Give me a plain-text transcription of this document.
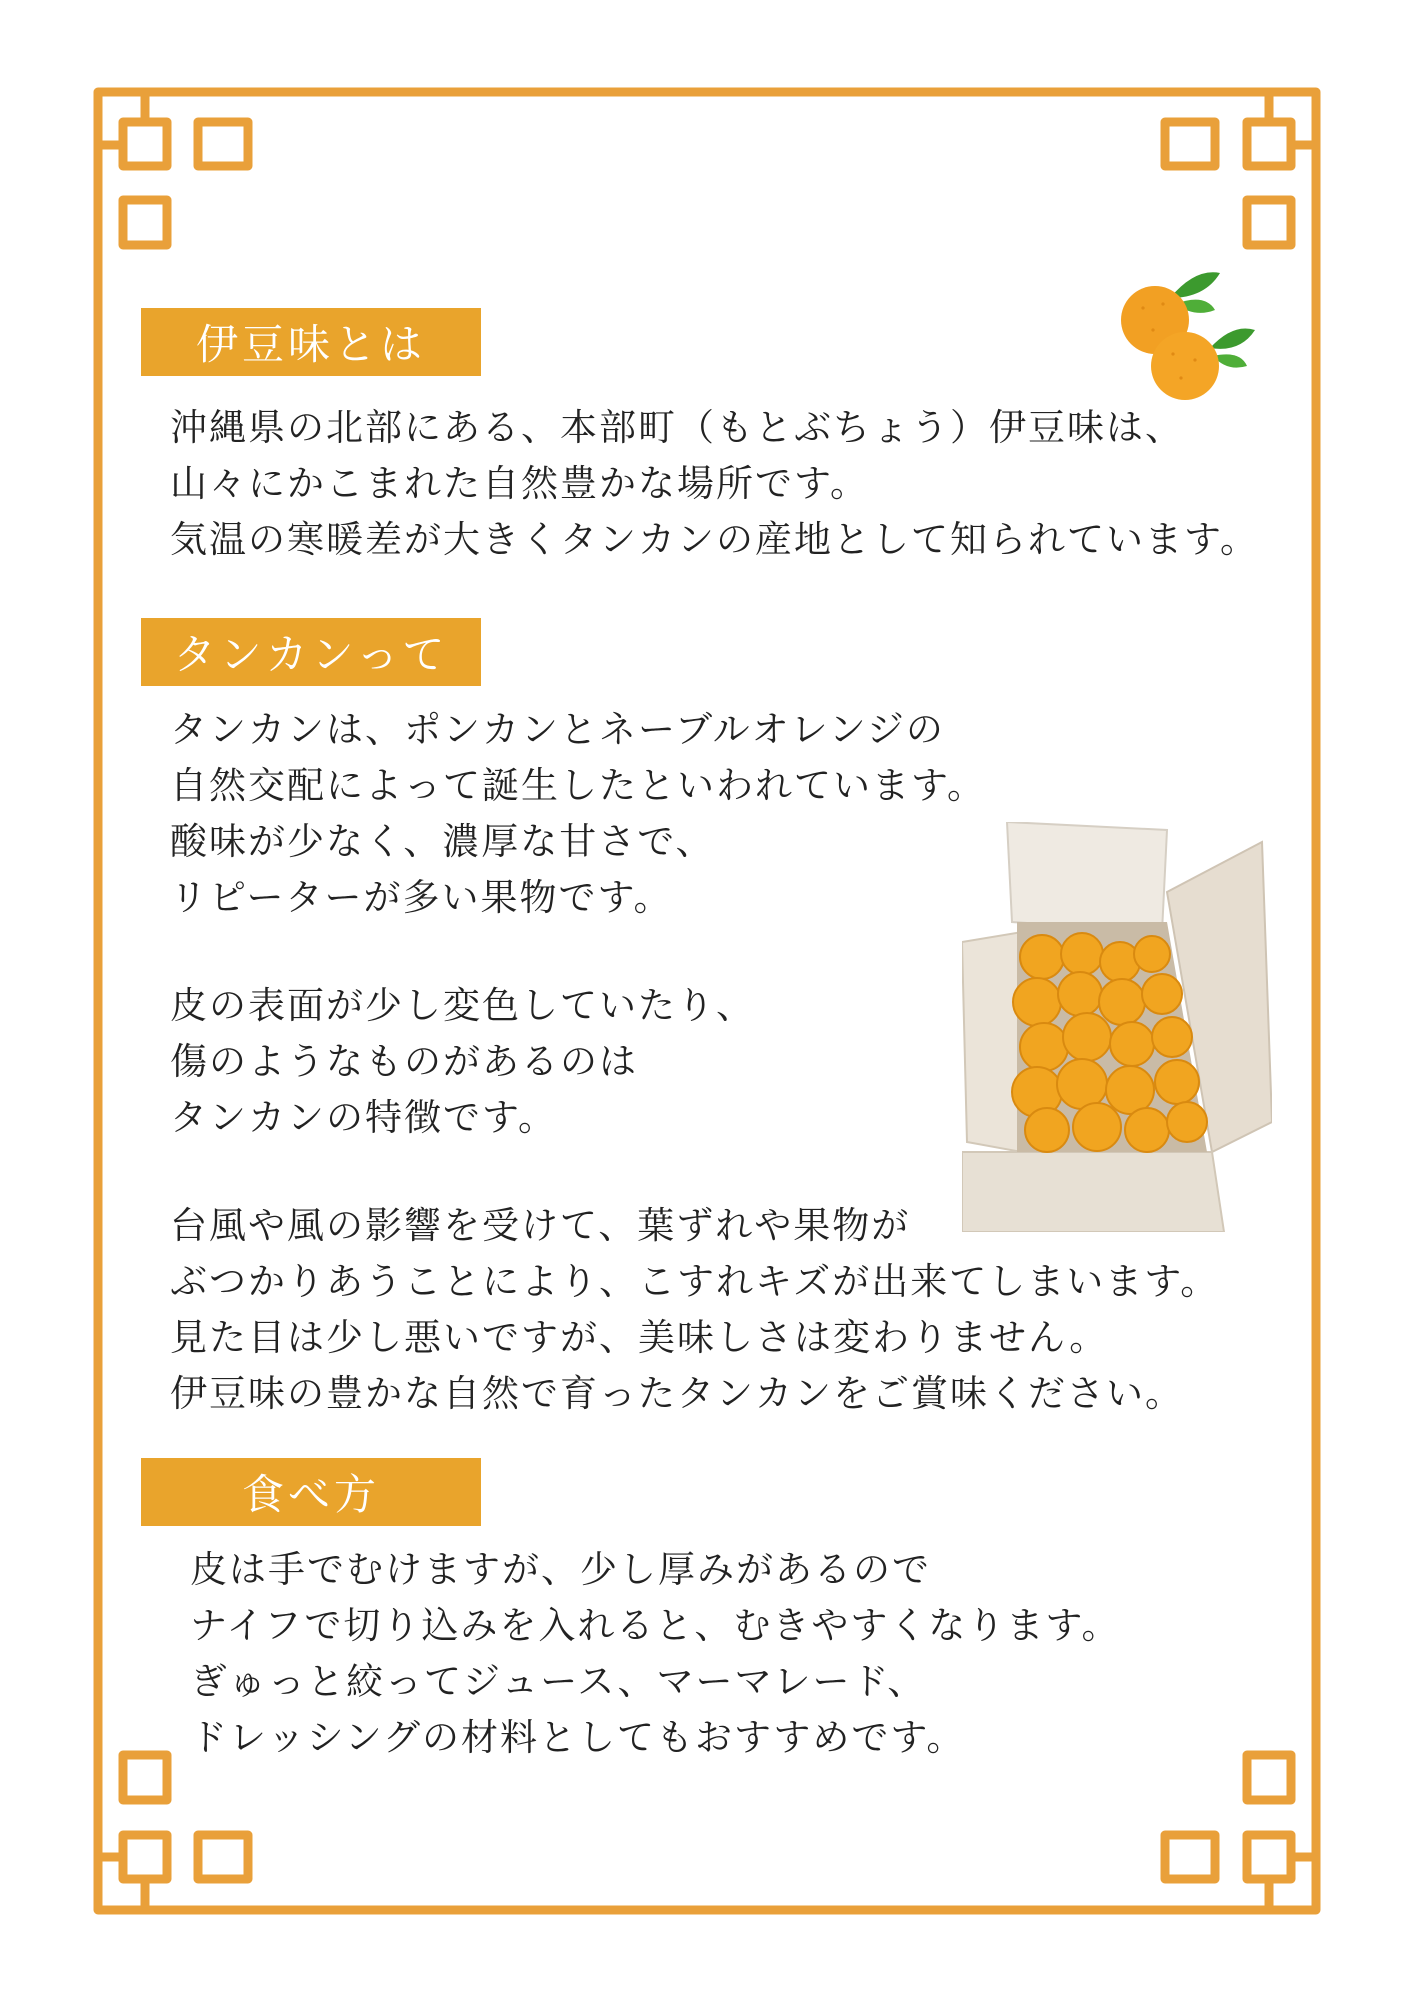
伊豆味とは
沖縄県の北部にある、本部町（もとぶちょう）伊豆味は、
山々にかこまれた自然豊かな場所です。
気温の寒暖差が大きくタンカンの産地として知られています。
タンカンって
タンカンは、ポンカンとネーブルオレンジの
自然交配によって誕生したといわれています。
酸味が少なく、濃厚な甘さで、
リピーターが多い果物です。
皮の表面が少し変色していたり、
傷のようなものがあるのは
タンカンの特徴です。
台風や風の影響を受けて、葉ずれや果物が
ぶつかりあうことにより、こすれキズが出来てしまいます。
見た目は少し悪いですが、美味しさは変わりません。
伊豆味の豊かな自然で育ったタンカンをご賞味ください。
食べ方
皮は手でむけますが、少し厚みがあるので
ナイフで切り込みを入れると、むきやすくなります。
ぎゅっと絞ってジュース、マーマレード、
ドレッシングの材料としてもおすすめです。
